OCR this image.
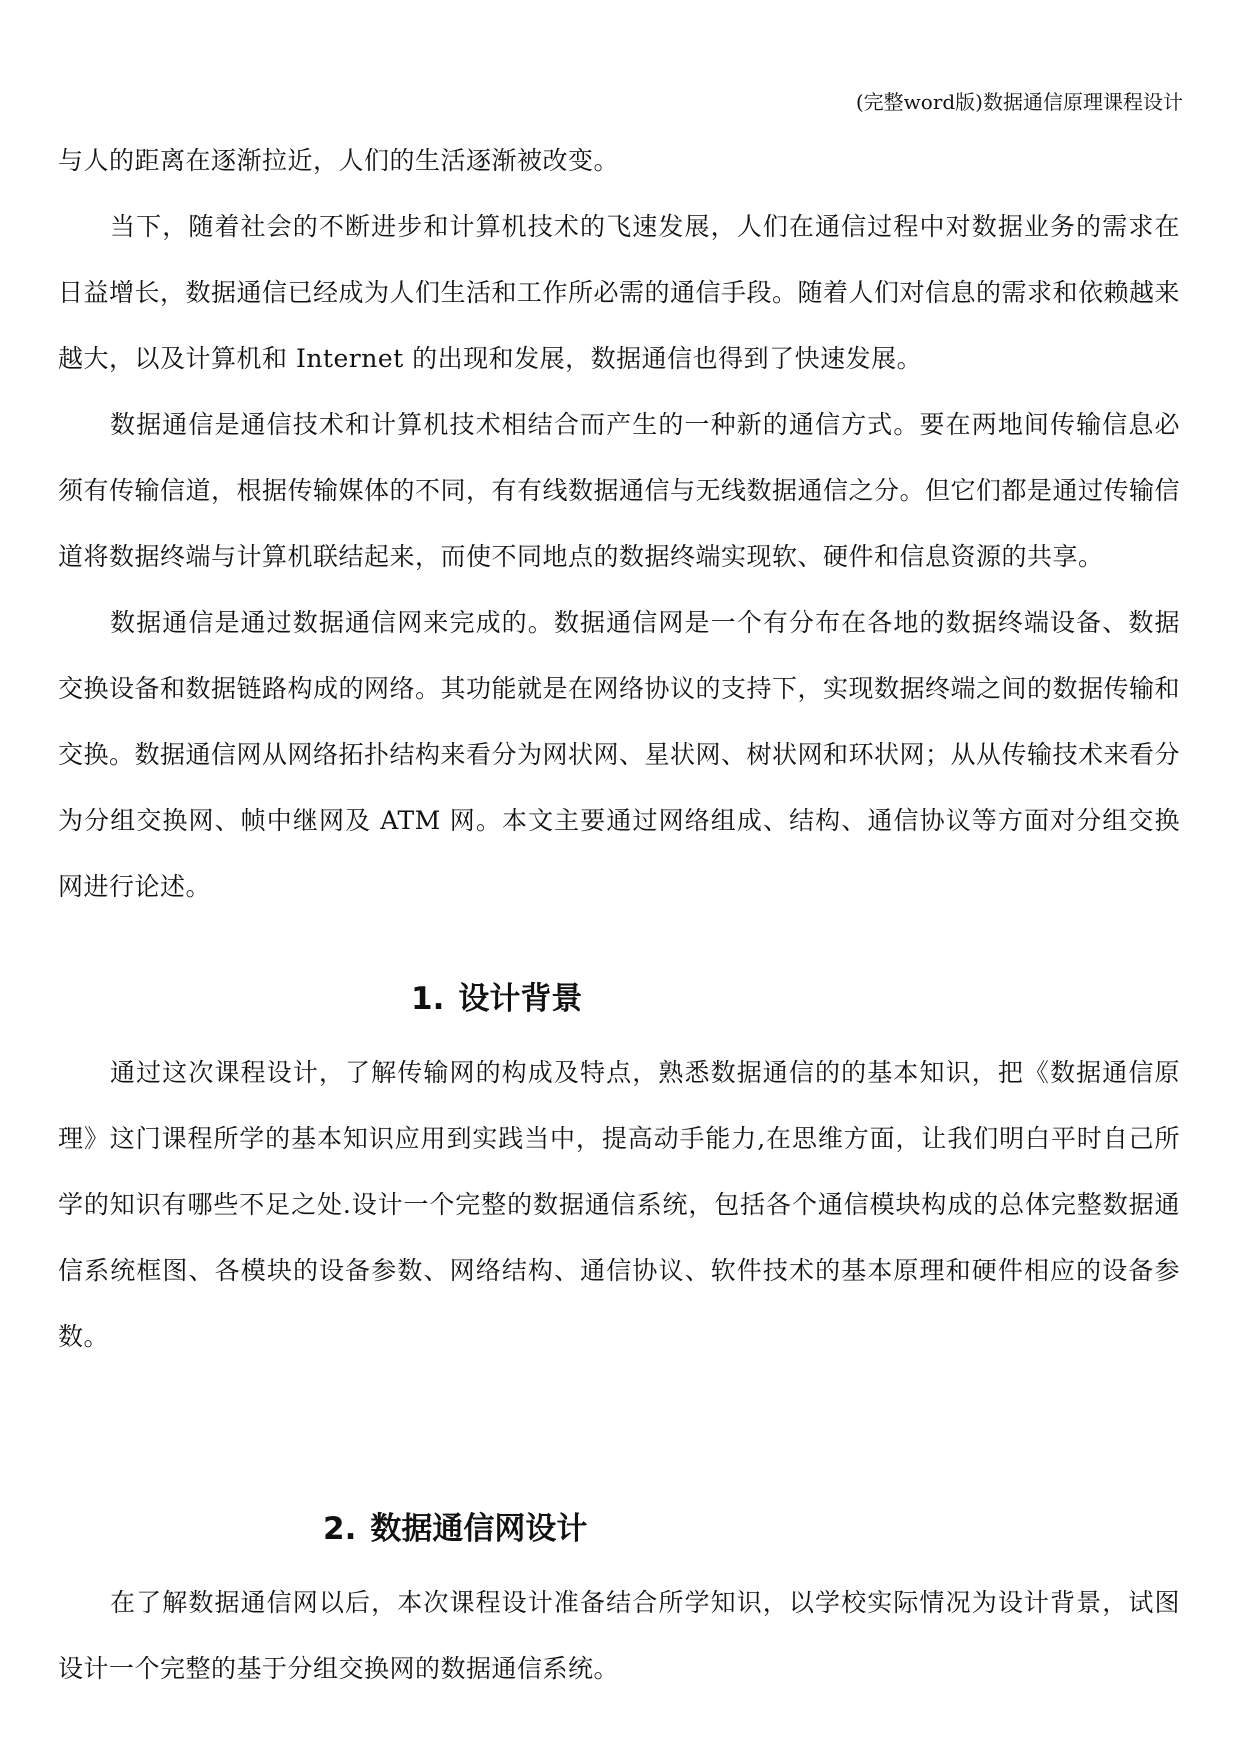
(完整word版)数据通信原理课程设计

与人的距离在逐渐拉近，人们的生活逐渐被改变。

当下，随着社会的不断进步和计算机技术的飞速发展，人们在通信过程中对数据业务的需求在日益增长，数据通信已经成为人们生活和工作所必需的通信手段。随着人们对信息的需求和依赖越来越大，以及计算机和 Internet 的出现和发展，数据通信也得到了快速发展。

数据通信是通信技术和计算机技术相结合而产生的一种新的通信方式。要在两地间传输信息必须有传输信道，根据传输媒体的不同，有有线数据通信与无线数据通信之分。但它们都是通过传输信道将数据终端与计算机联结起来，而使不同地点的数据终端实现软、硬件和信息资源的共享。

数据通信是通过数据通信网来完成的。数据通信网是一个有分布在各地的数据终端设备、数据交换设备和数据链路构成的网络。其功能就是在网络协议的支持下，实现数据终端之间的数据传输和交换。数据通信网从网络拓扑结构来看分为网状网、星状网、树状网和环状网；从从传输技术来看分为分组交换网、帧中继网及 ATM 网。本文主要通过网络组成、结构、通信协议等方面对分组交换网进行论述。

1. 设计背景

通过这次课程设计，了解传输网的构成及特点，熟悉数据通信的的基本知识，把《数据通信原理》这门课程所学的基本知识应用到实践当中，提高动手能力,在思维方面，让我们明白平时自己所学的知识有哪些不足之处.设计一个完整的数据通信系统，包括各个通信模块构成的总体完整数据通信系统框图、各模块的设备参数、网络结构、通信协议、软件技术的基本原理和硬件相应的设备参数。

2. 数据通信网设计

在了解数据通信网以后，本次课程设计准备结合所学知识，以学校实际情况为设计背景，试图设计一个完整的基于分组交换网的数据通信系统。
